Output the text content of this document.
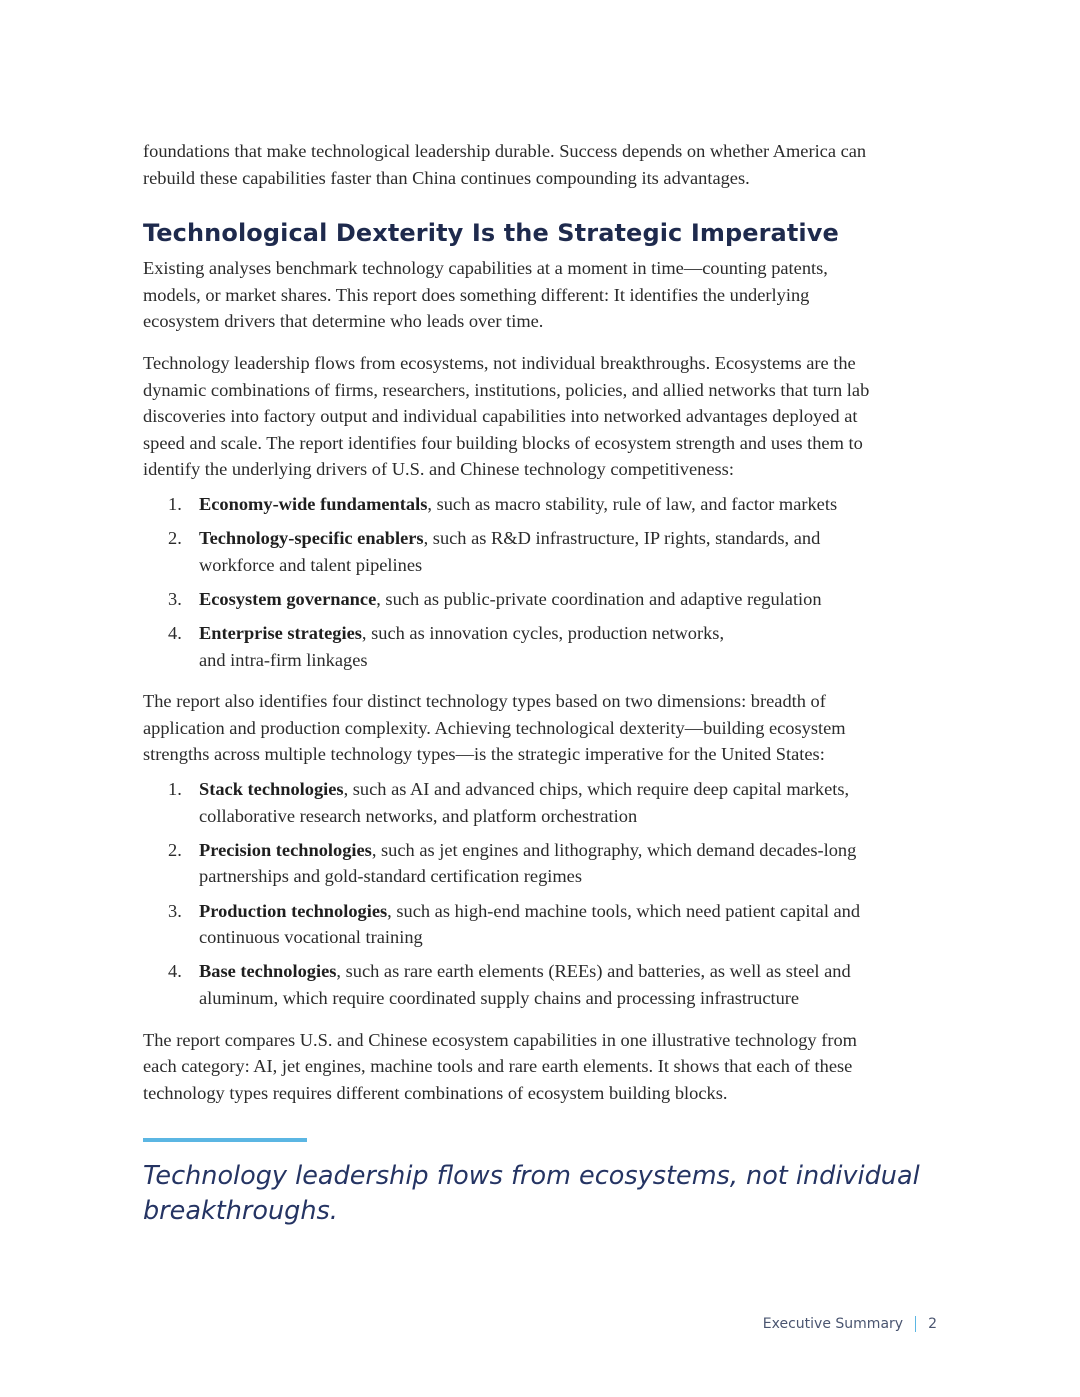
foundations that make technological leadership durable. Success depends on whether America can
rebuild these capabilities faster than China continues compounding its advantages.

Technological Dexterity Is the Strategic Imperative

Existing analyses benchmark technology capabilities at a moment in time—counting patents,
models, or market shares. This report does something different: It identifies the underlying
ecosystem drivers that determine who leads over time.

Technology leadership flows from ecosystems, not individual breakthroughs. Ecosystems are the
dynamic combinations of firms, researchers, institutions, policies, and allied networks that turn lab
discoveries into factory output and individual capabilities into networked advantages deployed at
speed and scale. The report identifies four building blocks of ecosystem strength and uses them to
identify the underlying drivers of U.S. and Chinese technology competitiveness:

1. Economy-wide fundamentals, such as macro stability, rule of law, and factor markets
2. Technology-specific enablers, such as R&D infrastructure, IP rights, standards, and
workforce and talent pipelines
3. Ecosystem governance, such as public-private coordination and adaptive regulation
4. Enterprise strategies, such as innovation cycles, production networks,
and intra-firm linkages

The report also identifies four distinct technology types based on two dimensions: breadth of
application and production complexity. Achieving technological dexterity—building ecosystem
strengths across multiple technology types—is the strategic imperative for the United States:

1. Stack technologies, such as AI and advanced chips, which require deep capital markets,
collaborative research networks, and platform orchestration
2. Precision technologies, such as jet engines and lithography, which demand decades-long
partnerships and gold-standard certification regimes
3. Production technologies, such as high-end machine tools, which need patient capital and
continuous vocational training
4. Base technologies, such as rare earth elements (REEs) and batteries, as well as steel and
aluminum, which require coordinated supply chains and processing infrastructure

The report compares U.S. and Chinese ecosystem capabilities in one illustrative technology from
each category: AI, jet engines, machine tools and rare earth elements. It shows that each of these
technology types requires different combinations of ecosystem building blocks.

Technology leadership flows from ecosystems, not individual
breakthroughs.

Executive Summary 2
